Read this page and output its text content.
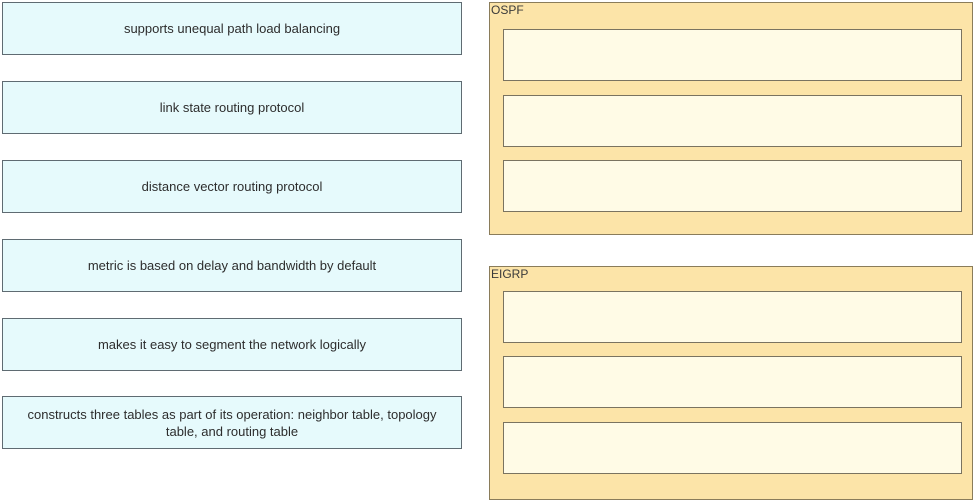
supports unequal path load balancing
link state routing protocol
distance vector routing protocol
metric is based on delay and bandwidth by default
makes it easy to segment the network logically
constructs three tables as part of its operation: neighbor table, topology table, and routing table
OSPF
EIGRP
